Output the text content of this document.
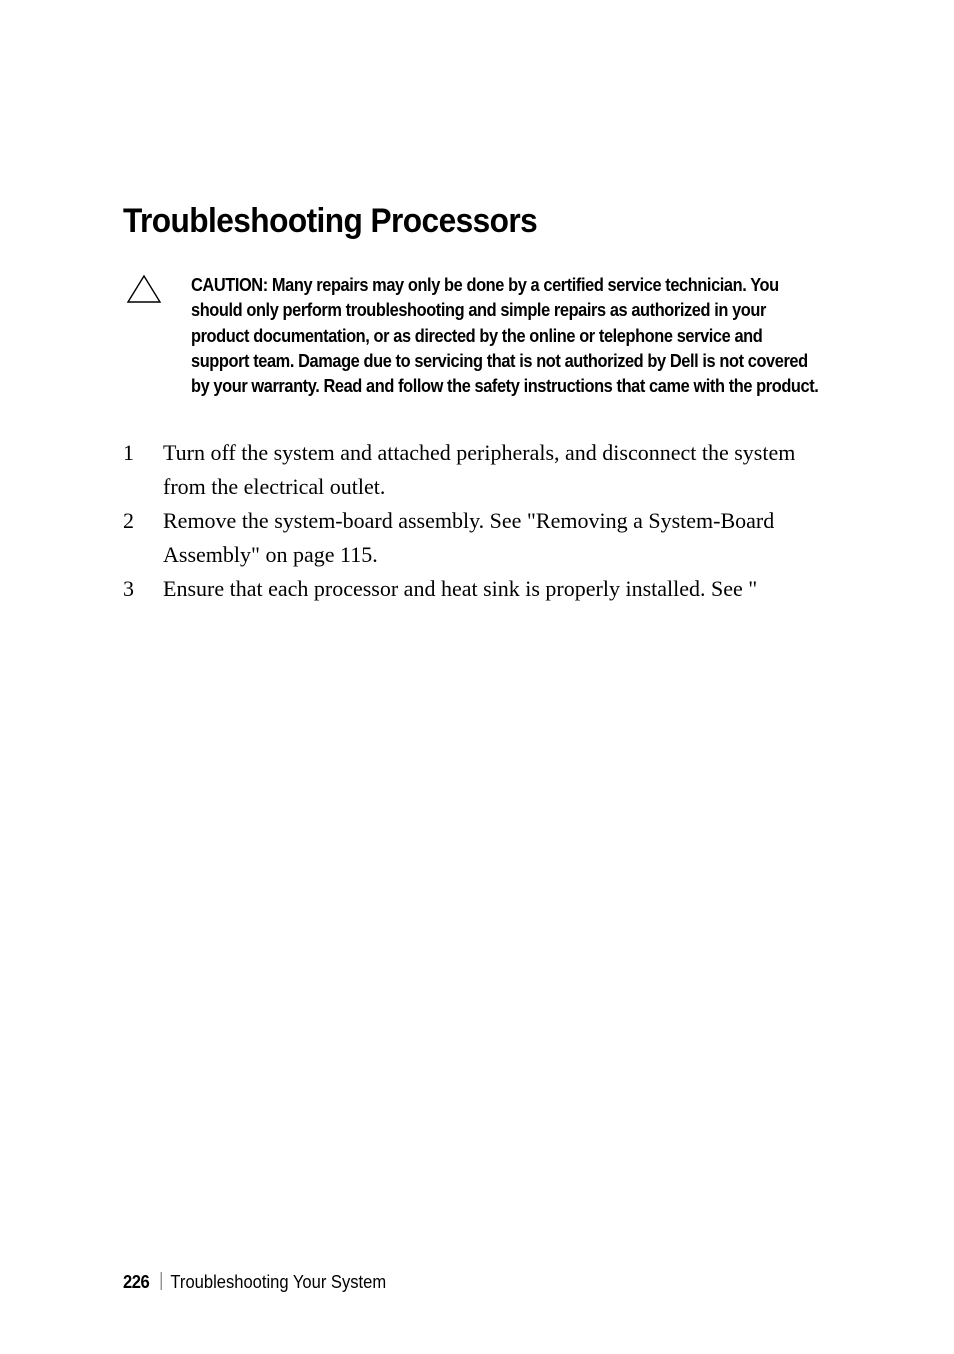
Troubleshooting Processors
CAUTION: Many repairs may only be done by a certified service technician. You should only perform troubleshooting and simple repairs as authorized in your product documentation, or as directed by the online or telephone service and support team. Damage due to servicing that is not authorized by Dell is not covered by your warranty. Read and follow the safety instructions that came with the product.
1 Turn off the system and attached peripherals, and disconnect the system from the electrical outlet.
2 Remove the system-board assembly. See "Removing a System-Board Assembly" on page 115.
3 Ensure that each processor and heat sink is properly installed. See "
226 Troubleshooting Your System
